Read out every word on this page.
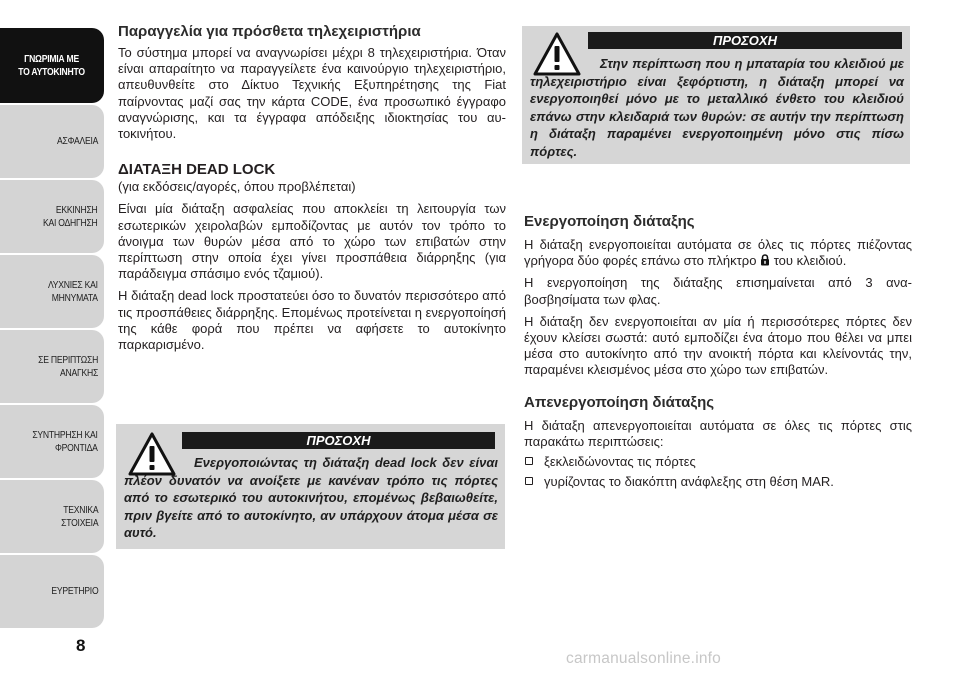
ΓΝΩΡΙΜΙΑ ΜΕ
ΤΟ ΑΥΤΟΚΙΝΗΤΟ
ΑΣΦΑΛΕΙΑ
ΕΚΚΙΝΗΣΗ
ΚΑΙ ΟΔΗΓΗΣΗ
ΛΥΧΝΙΕΣ ΚΑΙ
ΜΗΝΥΜΑΤΑ
ΣΕ ΠΕΡΙΠΤΩΣΗ
ΑΝΑΓΚΗΣ
ΣΥΝΤΗΡΗΣΗ ΚΑΙ
ΦΡΟΝΤΙΔΑ
ΤΕΧΝΙΚΑ
ΣΤΟΙΧΕΙΑ
ΕΥΡΕΤΗΡΙΟ
8
Παραγγελία για πρόσθετα τηλεχειριστήρια

Το σύστημα μπορεί να αναγνωρίσει μέχρι 8 τηλεχειριστήρια. Όταν είναι απαραίτητο να παραγγείλετε ένα καινούργιο τηλεχειριστήριο, απευθυνθείτε στο Δίκτυο Τεχνικής Εξυπηρέτησης της Fiat παίρνοντας μαζί σας την κάρτα CODE, ένα προσωπικό έγγραφο αναγνώρισης, και τα έγγραφα απόδειξης ιδιοκτησίας του αυτοκινήτου.

ΔΙΑΤΑΞΗ DEAD LOCK

(για εκδόσεις/αγορές, όπου προβλέπεται)

Είναι μία διάταξη ασφαλείας που αποκλείει τη λειτουργία των εσωτερικών χειρολαβών εμποδίζοντας με αυτόν τον τρόπο το άνοιγμα των θυρών μέσα από το χώρο των επιβατών στην περίπτωση στην οποία έχει γίνει προσπάθεια διάρρηξης (για παράδειγμα σπάσιμο ενός τζαμιού).

Η διάταξη dead lock προστατεύει όσο το δυνατόν περισσότερο από τις προσπάθειες διάρρηξης. Επομένως προτείνεται η ενεργοποίησή της κάθε φορά που πρέπει να αφήσετε το αυτοκίνητο παρκαρισμένο.

ΠΡΟΣΟΧΗ
Ενεργοποιώντας τη διάταξη dead lock δεν είναι πλέον δυνατόν να ανοίξετε με κανέναν τρόπο τις πόρτες από το εσωτερικό του αυτοκινήτου, επομένως βεβαιωθείτε, πριν βγείτε από το αυτοκίνητο, αν υπάρχουν άτομα μέσα σε αυτό.
ΠΡΟΣΟΧΗ
Στην περίπτωση που η μπαταρία του κλειδιού με τηλεχειριστήριο είναι ξεφόρτιστη, η διάταξη μπορεί να ενεργοποιηθεί μόνο με το μεταλλικό ένθετο του κλειδιού επάνω στην κλειδαριά των θυρών: σε αυτήν την περίπτωση η διάταξη παραμένει ενεργοποιημένη μόνο στις πίσω πόρτες.
Ενεργοποίηση διάταξης

Η διάταξη ενεργοποιείται αυτόματα σε όλες τις πόρτες πιέζοντας γρήγορα δύο φορές επάνω στο πλήκτρο του κλειδιού.

Η ενεργοποίηση της διάταξης επισημαίνεται από 3 αναβοσβησίματα των φλας.

Η διάταξη δεν ενεργοποιείται αν μία ή περισσότερες πόρτες δεν έχουν κλείσει σωστά: αυτό εμποδίζει ένα άτομο που θέλει να μπει μέσα στο αυτοκίνητο από την ανοικτή πόρτα και κλείνοντάς την, παραμένει κλεισμένος μέσα στο χώρο των επιβατών.

Απενεργοποίηση διάταξης

Η διάταξη απενεργοποιείται αυτόματα σε όλες τις πόρτες στις παρακάτω περιπτώσεις:

ξεκλειδώνοντας τις πόρτες
γυρίζοντας το διακόπτη ανάφλεξης στη θέση MAR.
carmanualsonline.info
